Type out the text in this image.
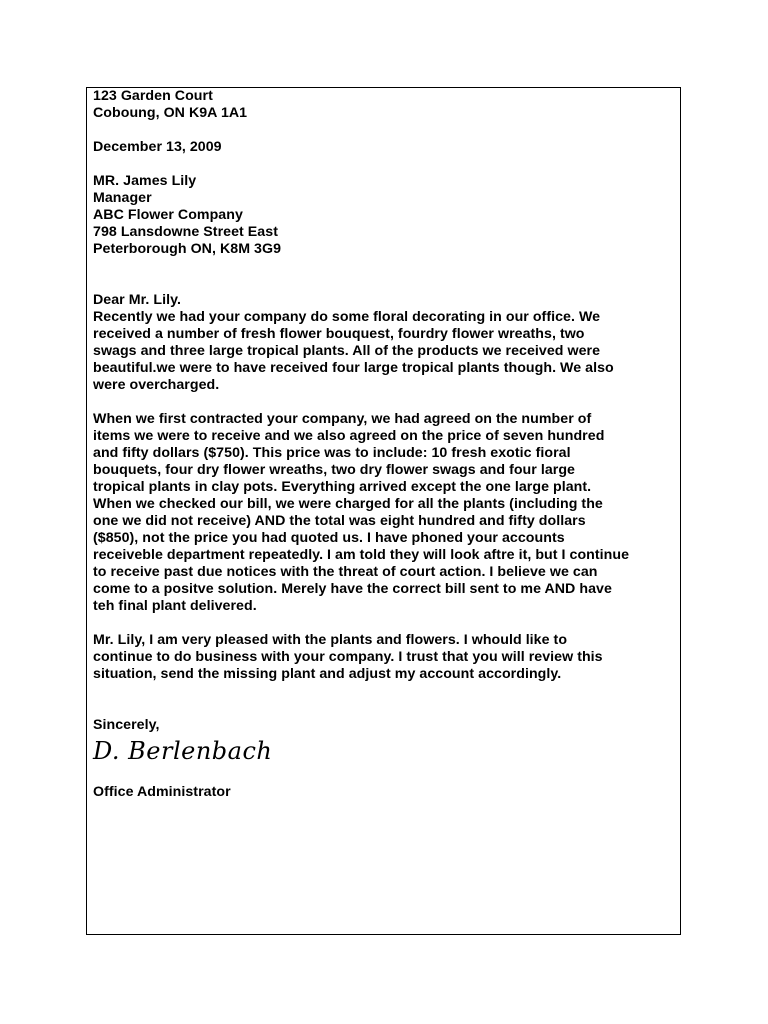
123 Garden Court
Coboung, ON K9A 1A1
December 13, 2009
MR. James Lily
Manager
ABC Flower Company
798 Lansdowne Street East
Peterborough ON, K8M 3G9
Dear Mr. Lily.
Recently we had your company do some floral decorating in our office. We
received a number of fresh flower bouquest, fourdry flower wreaths, two
swags and three large tropical plants. All of the products we received were
beautiful.we were to have received four large tropical plants though. We also
were overcharged.
When we first contracted your company, we had agreed on the number of
items we were to receive and we also agreed on the price of seven hundred
and fifty dollars ($750). This price was to include: 10 fresh exotic fioral
bouquets, four dry flower wreaths, two dry flower swags and four large
tropical plants in clay pots. Everything arrived except the one large plant.
When we checked our bill, we were charged for all the plants (including the
one we did not receive) AND the total was eight hundred and fifty dollars
($850), not the price you had quoted us. I have phoned your accounts
receiveble department repeatedly. I am told they will look aftre it, but I continue
to receive past due notices with the threat of court action. I believe we can
come to a positve solution. Merely have the correct bill sent to me AND have
teh final plant delivered.
Mr. Lily, I am very pleased with the plants and flowers. I whould like to
continue to do business with your company. I trust that you will review this
situation, send the missing plant and adjust my account accordingly.
Sincerely,
D. Berlenbach
Office Administrator
